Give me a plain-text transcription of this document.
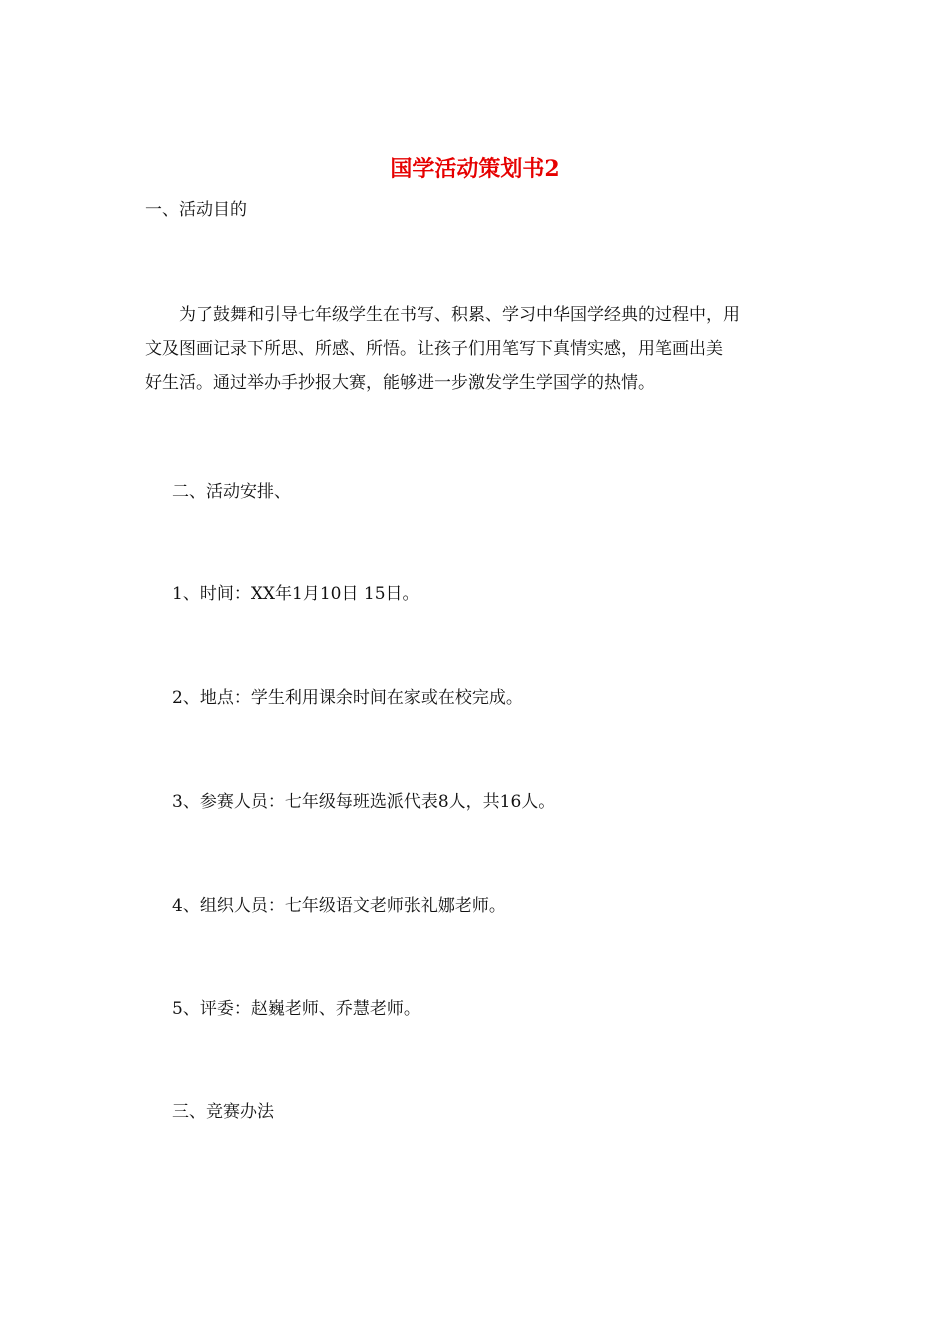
国学活动策划书2
一、活动目的
为了鼓舞和引导七年级学生在书写、积累、学习中华国学经典的过程中，用
文及图画记录下所思、所感、所悟。让孩子们用笔写下真情实感，用笔画出美
好生活。通过举办手抄报大赛，能够进一步激发学生学国学的热情。
二、活动安排、
1、时间：XX年1月10日 15日。
2、地点：学生利用课余时间在家或在校完成。
3、参赛人员：七年级每班选派代表8人，共16人。
4、组织人员：七年级语文老师张礼娜老师。
5、评委：赵巍老师、乔慧老师。
三、竞赛办法
